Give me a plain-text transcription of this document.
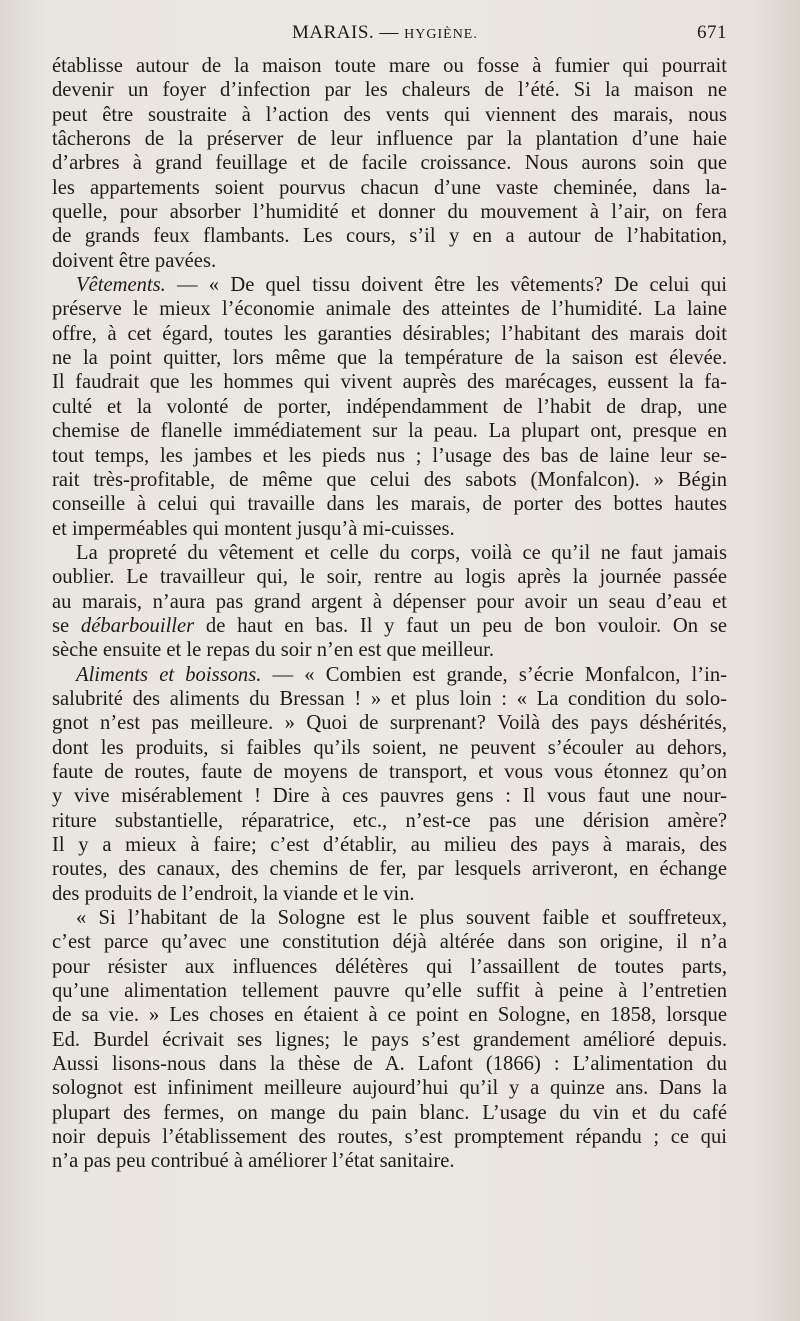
MARAIS. — HYGIÈNE.	671
établisse autour de la maison toute mare ou fosse à fumier qui pourrait
devenir un foyer d’infection par les chaleurs de l’été. Si la maison ne
peut être soustraite à l’action des vents qui viennent des marais, nous
tâcherons de la préserver de leur influence par la plantation d’une haie
d’arbres à grand feuillage et de facile croissance. Nous aurons soin que
les appartements soient pourvus chacun d’une vaste cheminée, dans la-
quelle, pour absorber l’humidité et donner du mouvement à l’air, on fera
de grands feux flambants. Les cours, s’il y en a autour de l’habitation,
doivent être pavées.
Vêtements. — « De quel tissu doivent être les vêtements? De celui qui
préserve le mieux l’économie animale des atteintes de l’humidité. La laine
offre, à cet égard, toutes les garanties désirables; l’habitant des marais doit
ne la point quitter, lors même que la température de la saison est élevée.
Il faudrait que les hommes qui vivent auprès des marécages, eussent la fa-
culté et la volonté de porter, indépendamment de l’habit de drap, une
chemise de flanelle immédiatement sur la peau. La plupart ont, presque en
tout temps, les jambes et les pieds nus ; l’usage des bas de laine leur se-
rait très-profitable, de même que celui des sabots (Monfalcon). » Bégin
conseille à celui qui travaille dans les marais, de porter des bottes hautes
et imperméables qui montent jusqu’à mi-cuisses.
La propreté du vêtement et celle du corps, voilà ce qu’il ne faut jamais
oublier. Le travailleur qui, le soir, rentre au logis après la journée passée
au marais, n’aura pas grand argent à dépenser pour avoir un seau d’eau et
se débarbouiller de haut en bas. Il y faut un peu de bon vouloir. On se
sèche ensuite et le repas du soir n’en est que meilleur.
Aliments et boissons. — « Combien est grande, s’écrie Monfalcon, l’in-
salubrité des aliments du Bressan ! » et plus loin : « La condition du solo-
gnot n’est pas meilleure. » Quoi de surprenant? Voilà des pays déshérités,
dont les produits, si faibles qu’ils soient, ne peuvent s’écouler au dehors,
faute de routes, faute de moyens de transport, et vous vous étonnez qu’on
y vive misérablement ! Dire à ces pauvres gens : Il vous faut une nour-
riture substantielle, réparatrice, etc., n’est-ce pas une dérision amère?
Il y a mieux à faire; c’est d’établir, au milieu des pays à marais, des
routes, des canaux, des chemins de fer, par lesquels arriveront, en échange
des produits de l’endroit, la viande et le vin.
« Si l’habitant de la Sologne est le plus souvent faible et souffreteux,
c’est parce qu’avec une constitution déjà altérée dans son origine, il n’a
pour résister aux influences délétères qui l’assaillent de toutes parts,
qu’une alimentation tellement pauvre qu’elle suffit à peine à l’entretien
de sa vie. » Les choses en étaient à ce point en Sologne, en 1858, lorsque
Ed. Burdel écrivait ses lignes; le pays s’est grandement amélioré depuis.
Aussi lisons-nous dans la thèse de A. Lafont (1866) : L’alimentation du
solognot est infiniment meilleure aujourd’hui qu’il y a quinze ans. Dans la
plupart des fermes, on mange du pain blanc. L’usage du vin et du café
noir depuis l’établissement des routes, s’est promptement répandu ; ce qui
n’a pas peu contribué à améliorer l’état sanitaire.
